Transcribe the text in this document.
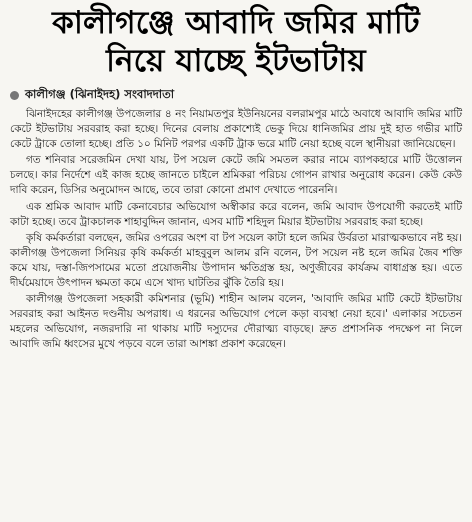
কালীগঞ্জে আবাদি জমির মাটি
নিয়ে যাচ্ছে ইটভাটায়
কালীগঞ্জ (ঝিনাইদহ) সংবাদদাতা

ঝিনাইদহের কালীগঞ্জ উপজেলার ৪ নং নিয়ামতপুর ইউনিয়নের বলরামপুর মাঠে অবাধে আবাদি জমির মাটি কেটে ইটভাটায় সরবরাহ করা হচ্ছে। দিনের বেলায় প্রকাশ্যেই ভেকু দিয়ে ধানিজমির প্রায় দুই হাত গভীর মাটি কেটে ট্রাকে তোলা হচ্ছে। প্রতি ১০ মিনিট পরপর একটি ট্রাক ভরে মাটি নেয়া হচ্ছে বলে স্থানীয়রা জানিয়েছেন।

গত শনিবার সরেজমিন দেখা যায়, টপ সয়েল কেটে জমি সমতল করার নামে ব্যাপকহারে মাটি উত্তোলন চলছে। কার নির্দেশে এই কাজ হচ্ছে জানতে চাইলে শ্রমিকরা পরিচয় গোপন রাখার অনুরোধ করেন। কেউ কেউ দাবি করেন, ডিসির অনুমোদন আছে, তবে তারা কোনো প্রমাণ দেখাতে পারেননি।

এক শ্রমিক আবাদ মাটি কেনাবেচার অভিযোগ অস্বীকার করে বলেন, জমি আবাদ উপযোগী করতেই মাটি কাটা হচ্ছে। তবে ট্রাকচালক শাহাবুদ্দিন জানান, এসব মাটি শহিদুল মিয়ার ইটভাটায় সরবরাহ করা হচ্ছে।

কৃষি কর্মকর্তারা বলছেন, জমির ওপরের অংশ বা টপ সয়েল কাটা হলে জমির উর্বরতা মারাত্মকভাবে নষ্ট হয়। কালীগঞ্জ উপজেলা সিনিয়র কৃষি কর্মকর্তা মাহবুবুল আলম রনি বলেন, টপ সয়েল নষ্ট হলে জমির জৈব শক্তি কমে যায়, দস্তা-জিপসামের মতো প্রয়োজনীয় উপাদান ক্ষতিগ্রস্ত হয়, অণুজীবের কার্যক্রম বাধাগ্রস্ত হয়। এতে দীর্ঘমেয়াদে উৎপাদন ক্ষমতা কমে এসে খাদ্য ঘাটতির ঝুঁকি তৈরি হয়।

কালীগঞ্জ উপজেলা সহকারী কমিশনার (ভূমি) শাহীন আলম বলেন, 'আবাদি জমির মাটি কেটে ইটভাটায় সরবরাহ করা আইনত দণ্ডনীয় অপরাধ। এ ধরনের অভিযোগ পেলে কড়া ব্যবস্থা নেয়া হবে।' এলাকার সচেতন মহলের অভিযোগ, নজরদারি না থাকায় মাটি দস্যুদের দৌরাত্ম্য বাড়ছে। দ্রুত প্রশাসনিক পদক্ষেপ না নিলে আবাদি জমি ধ্বংসের মুখে পড়বে বলে তারা আশঙ্কা প্রকাশ করেছেন।
